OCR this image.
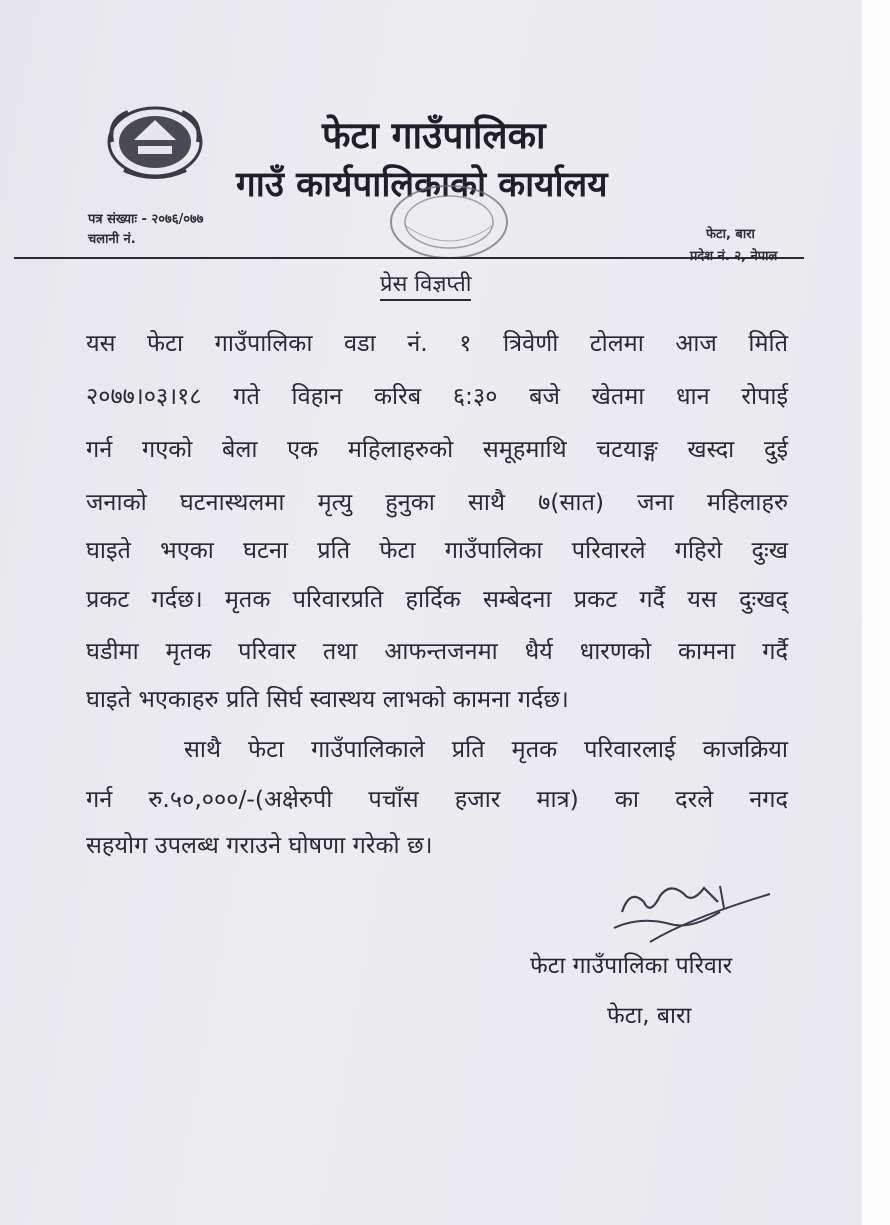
फेटा गाउँपालिका
गाउँ कार्यपालिकाको कार्यालय
पत्र संख्याः - २०७६/०७७
चलानी नं.	फेटा, बारा
प्रेस विज्ञप्ती
यस फेटा गाउँपालिका वडा नं. १ त्रिवेणी टोलमा आज मिति
२०७७।०३।१८ गते विहान करिब ६:३० बजे खेतमा धान रोपाई
गर्न गएको बेला एक महिलाहरुको समूहमाथि चटयाङ्ग खस्दा दुई
जनाको घटनास्थलमा मृत्यु हुनुका साथै ७(सात) जना महिलाहरु
घाइते भएका घटना प्रति फेटा गाउँपालिका परिवारले गहिरो दुःख
प्रकट गर्दछ। मृतक परिवारप्रति हार्दिक सम्बेदना प्रकट गर्दै यस दुःखद्
घडीमा मृतक परिवार तथा आफन्तजनमा धैर्य धारणको कामना गर्दै
घाइते भएकाहरु प्रति सिर्घ स्वास्थय लाभको कामना गर्दछ।
साथै फेटा गाउँपालिकाले प्रति मृतक परिवारलाई काजक्रिया
गर्न रु.५०,०००/-(अक्षेरुपी पचाँस हजार मात्र) का दरले नगद
सहयोग उपलब्ध गराउने घोषणा गरेको छ।
फेटा गाउँपालिका परिवार
फेटा, बारा
